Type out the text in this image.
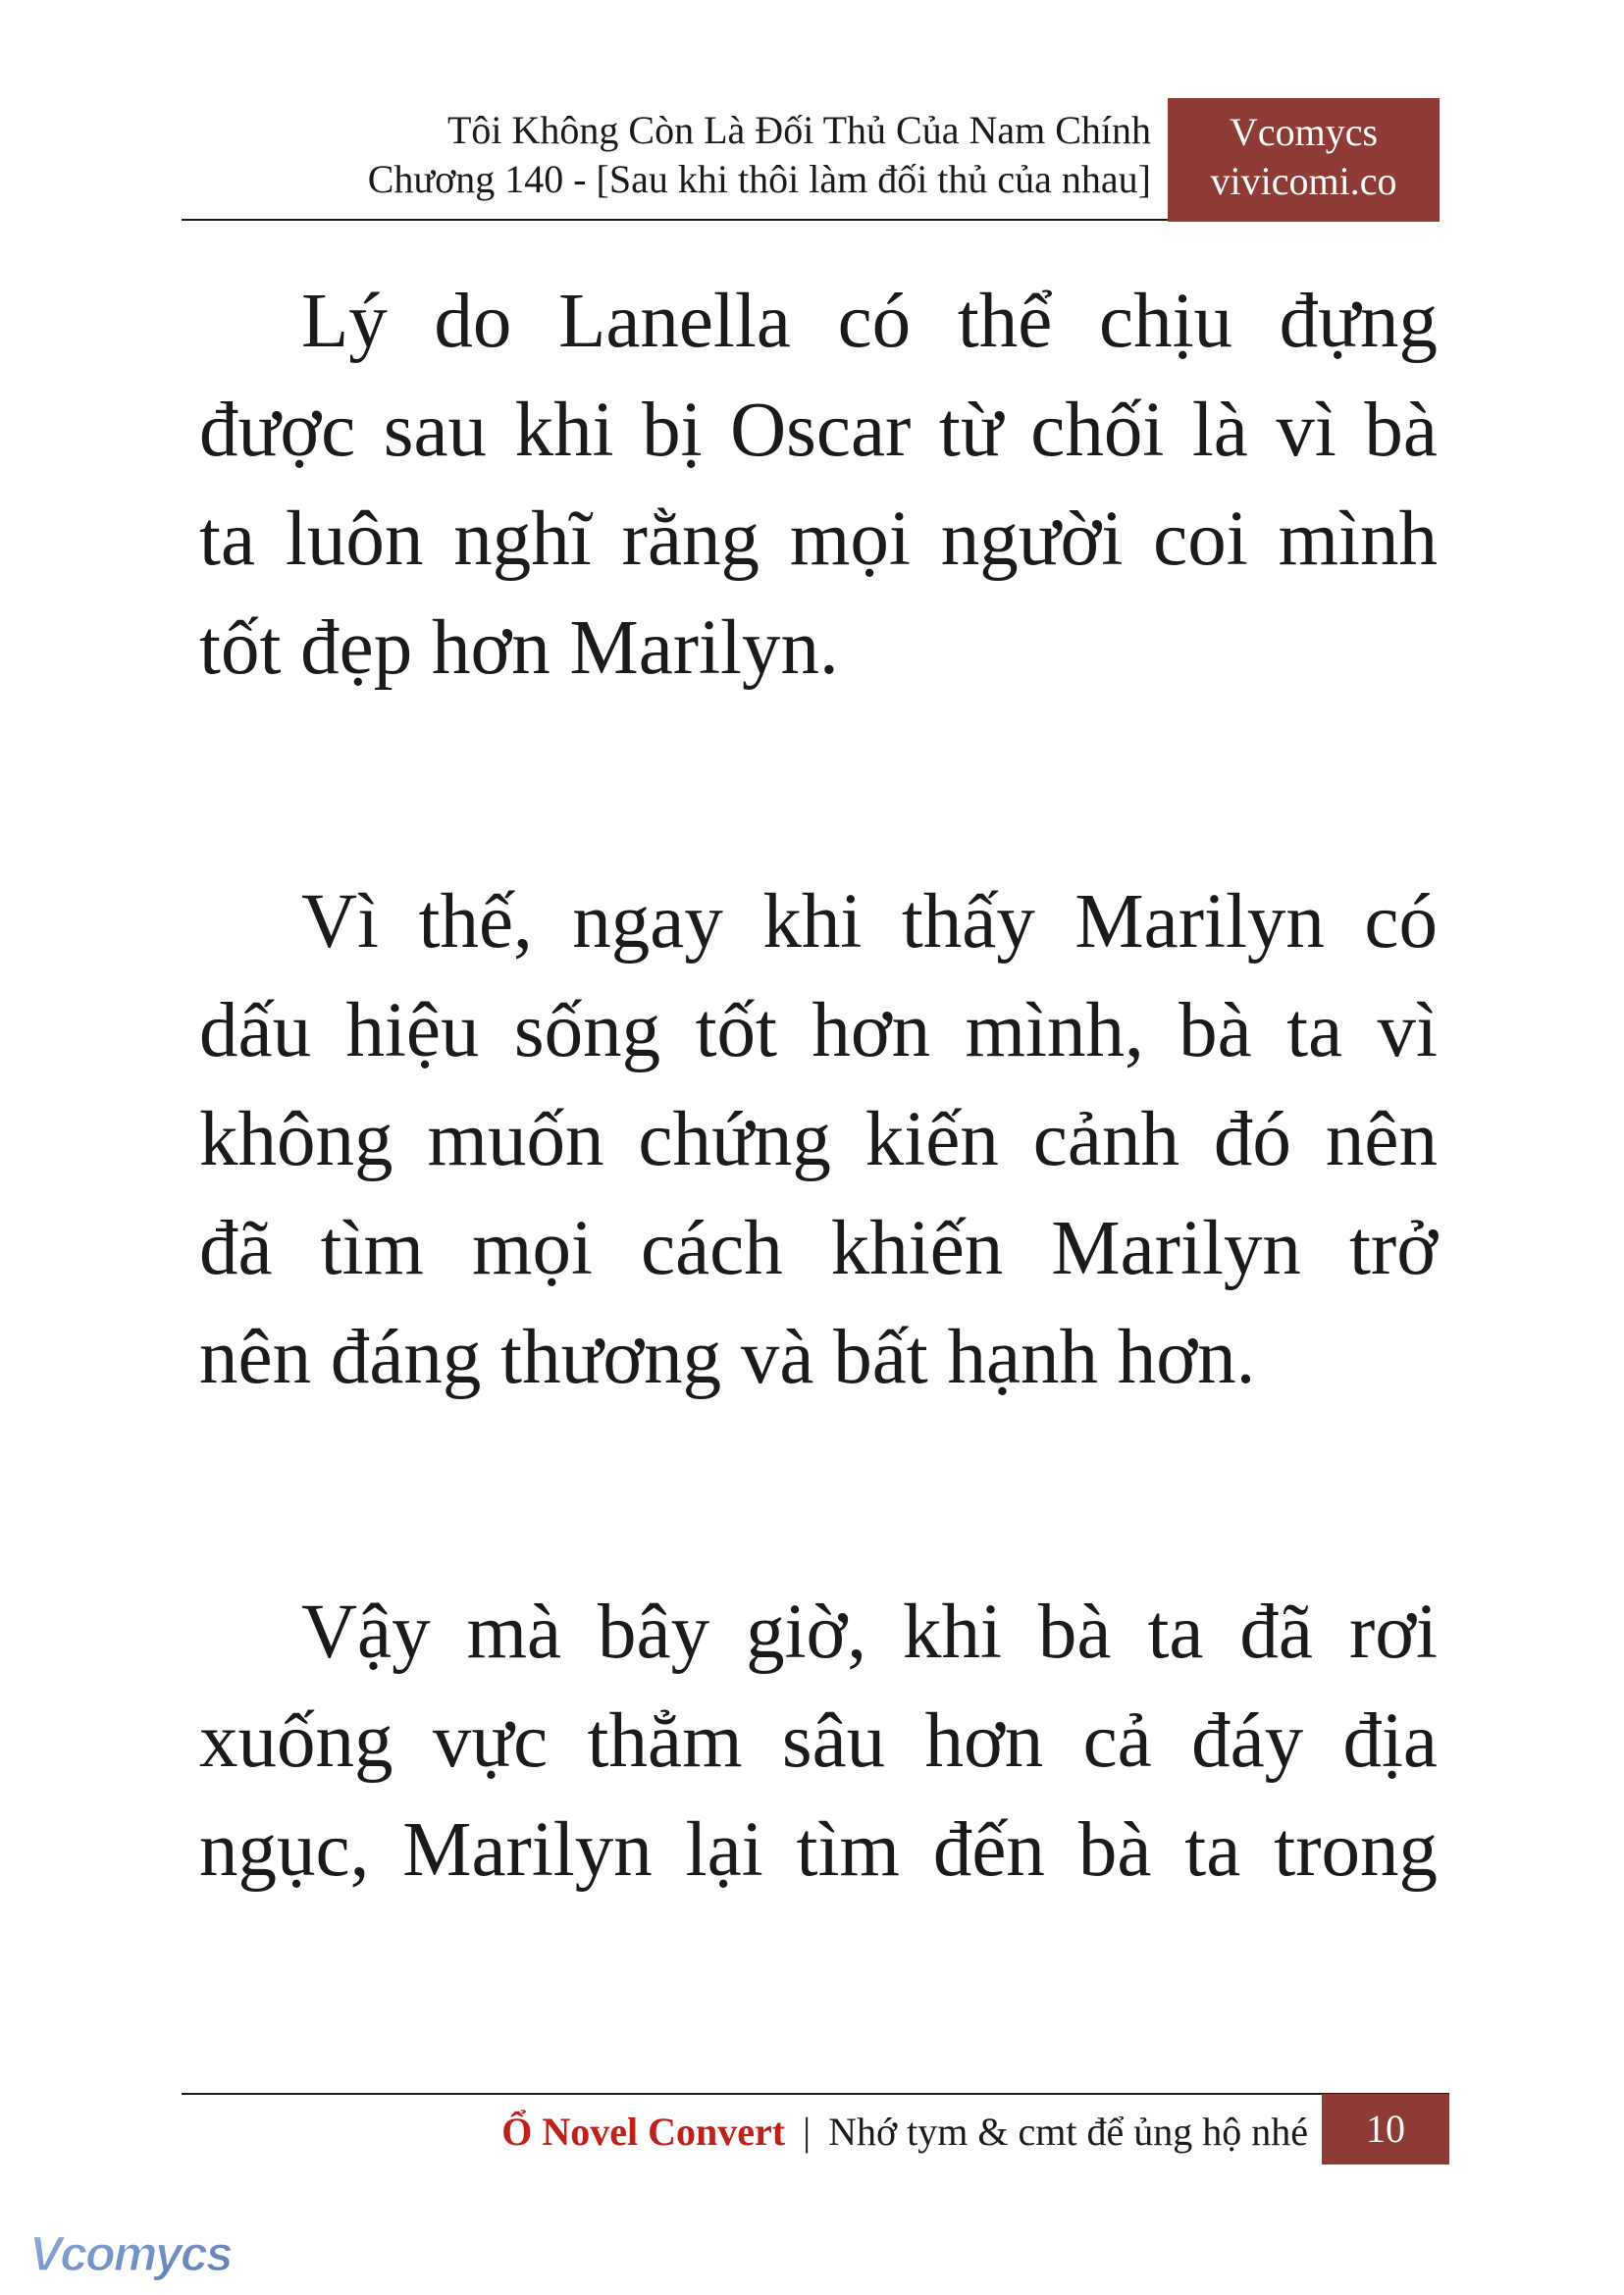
Tôi Không Còn Là Đối Thủ Của Nam Chính
Chương 140 - [Sau khi thôi làm đối thủ của nhau]
Vcomycs
vivicomi.co

Lý do Lanella có thể chịu đựng
được sau khi bị Oscar từ chối là vì bà
ta luôn nghĩ rằng mọi người coi mình
tốt đẹp hơn Marilyn.

Vì thế, ngay khi thấy Marilyn có
dấu hiệu sống tốt hơn mình, bà ta vì
không muốn chứng kiến cảnh đó nên
đã tìm mọi cách khiến Marilyn trở
nên đáng thương và bất hạnh hơn.

Vậy mà bây giờ, khi bà ta đã rơi
xuống vực thẳm sâu hơn cả đáy địa
ngục, Marilyn lại tìm đến bà ta trong

Ổ Novel Convert | Nhớ tym & cmt để ủng hộ nhé	10
Vcomycs
